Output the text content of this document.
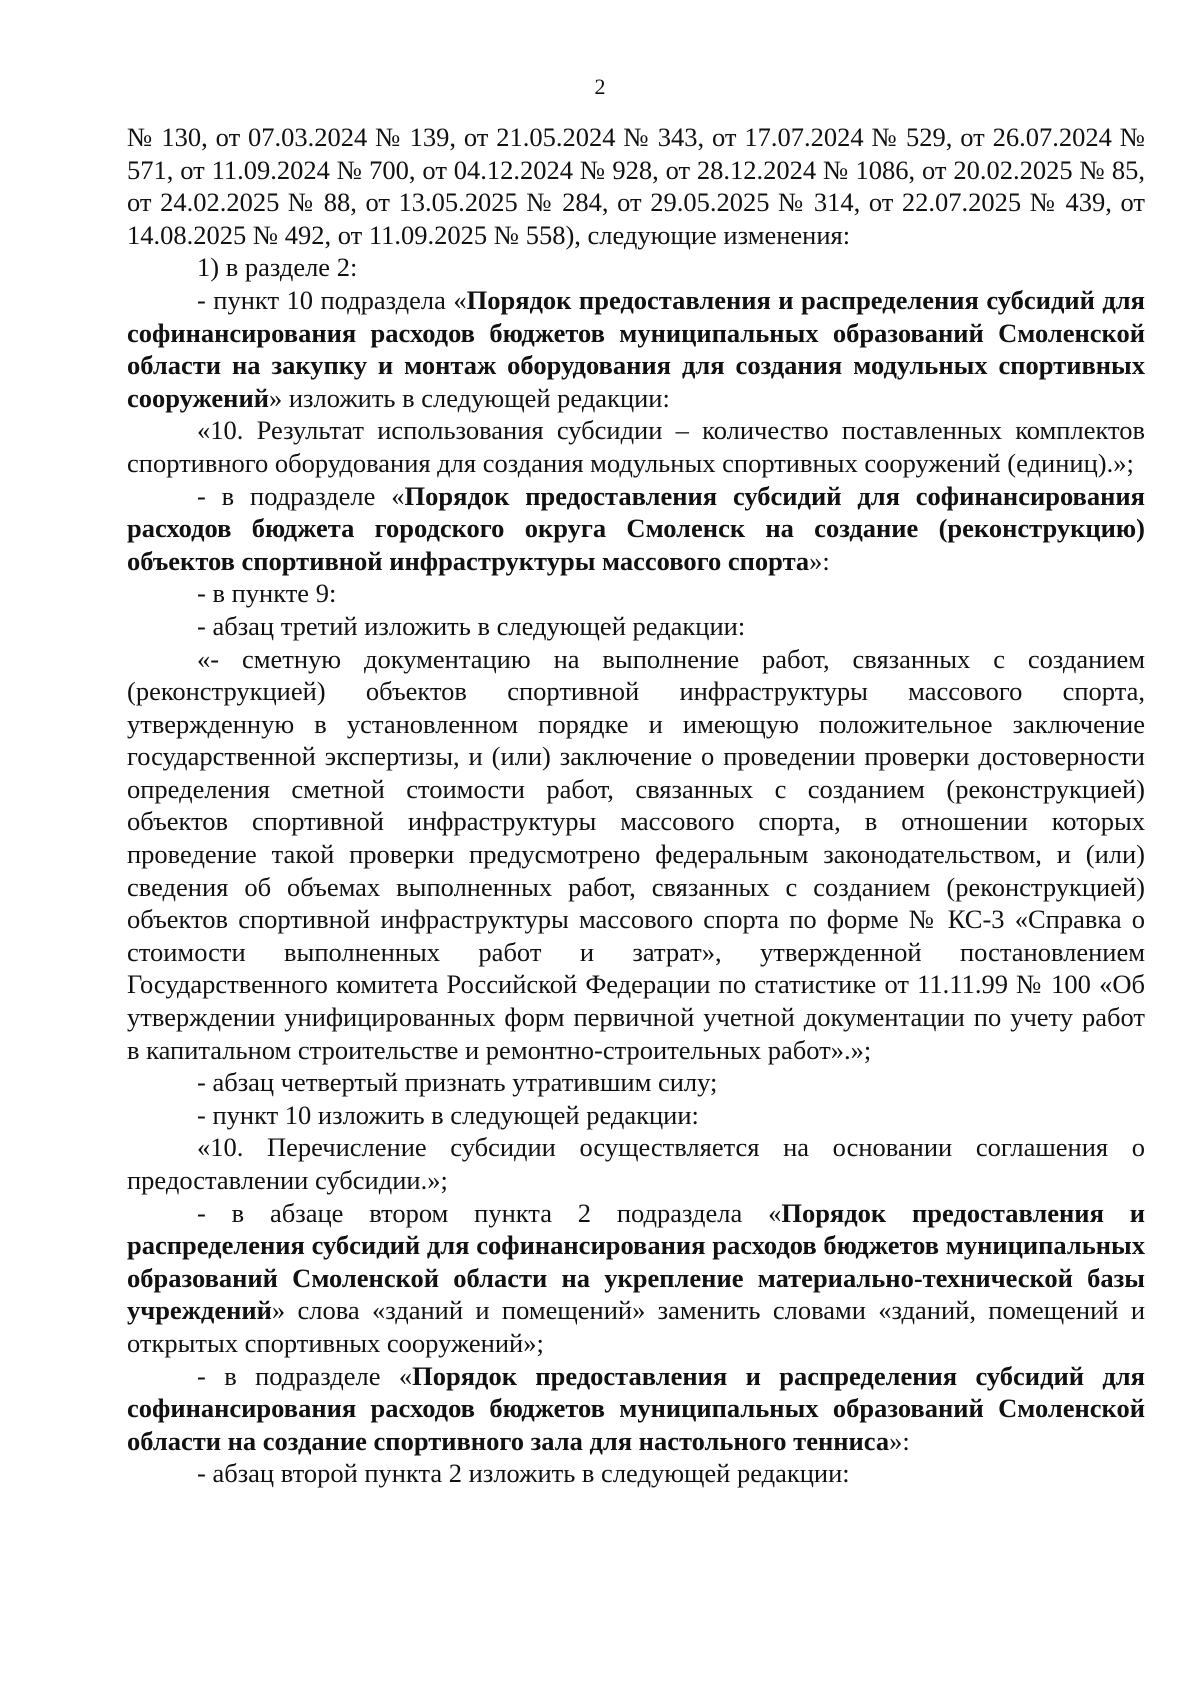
2

№ 130, от 07.03.2024 № 139, от 21.05.2024 № 343, от 17.07.2024 № 529, от 26.07.2024 № 571, от 11.09.2024 № 700, от 04.12.2024 № 928, от 28.12.2024 № 1086, от 20.02.2025 № 85, от 24.02.2025 № 88, от 13.05.2025 № 284, от 29.05.2025 № 314, от 22.07.2025 № 439, от 14.08.2025 № 492, от 11.09.2025 № 558), следующие изменения:

1) в разделе 2:

- пункт 10 подраздела «Порядок предоставления и распределения субсидий для софинансирования расходов бюджетов муниципальных образований Смоленской области на закупку и монтаж оборудования для создания модульных спортивных сооружений» изложить в следующей редакции:

«10. Результат использования субсидии – количество поставленных комплектов спортивного оборудования для создания модульных спортивных сооружений (единиц).»;

- в подразделе «Порядок предоставления субсидий для софинансирования расходов бюджета городского округа Смоленск на создание (реконструкцию) объектов спортивной инфраструктуры массового спорта»:

- в пункте 9:

- абзац третий изложить в следующей редакции:

«- сметную документацию на выполнение работ, связанных с созданием (реконструкцией) объектов спортивной инфраструктуры массового спорта, утвержденную в установленном порядке и имеющую положительное заключение государственной экспертизы, и (или) заключение о проведении проверки достоверности определения сметной стоимости работ, связанных с созданием (реконструкцией) объектов спортивной инфраструктуры массового спорта, в отношении которых проведение такой проверки предусмотрено федеральным законодательством, и (или) сведения об объемах выполненных работ, связанных с созданием (реконструкцией) объектов спортивной инфраструктуры массового спорта по форме № КС-3 «Справка о стоимости выполненных работ и затрат», утвержденной постановлением Государственного комитета Российской Федерации по статистике от 11.11.99 № 100 «Об утверждении унифицированных форм первичной учетной документации по учету работ в капитальном строительстве и ремонтно-строительных работ».»;

- абзац четвертый признать утратившим силу;

- пункт 10 изложить в следующей редакции:

«10. Перечисление субсидии осуществляется на основании соглашения о предоставлении субсидии.»;

- в абзаце втором пункта 2 подраздела «Порядок предоставления и распределения субсидий для софинансирования расходов бюджетов муниципальных образований Смоленской области на укрепление материально-технической базы учреждений» слова «зданий и помещений» заменить словами «зданий, помещений и открытых спортивных сооружений»;

- в подразделе «Порядок предоставления и распределения субсидий для софинансирования расходов бюджетов муниципальных образований Смоленской области на создание спортивного зала для настольного тенниса»:

- абзац второй пункта 2 изложить в следующей редакции:
